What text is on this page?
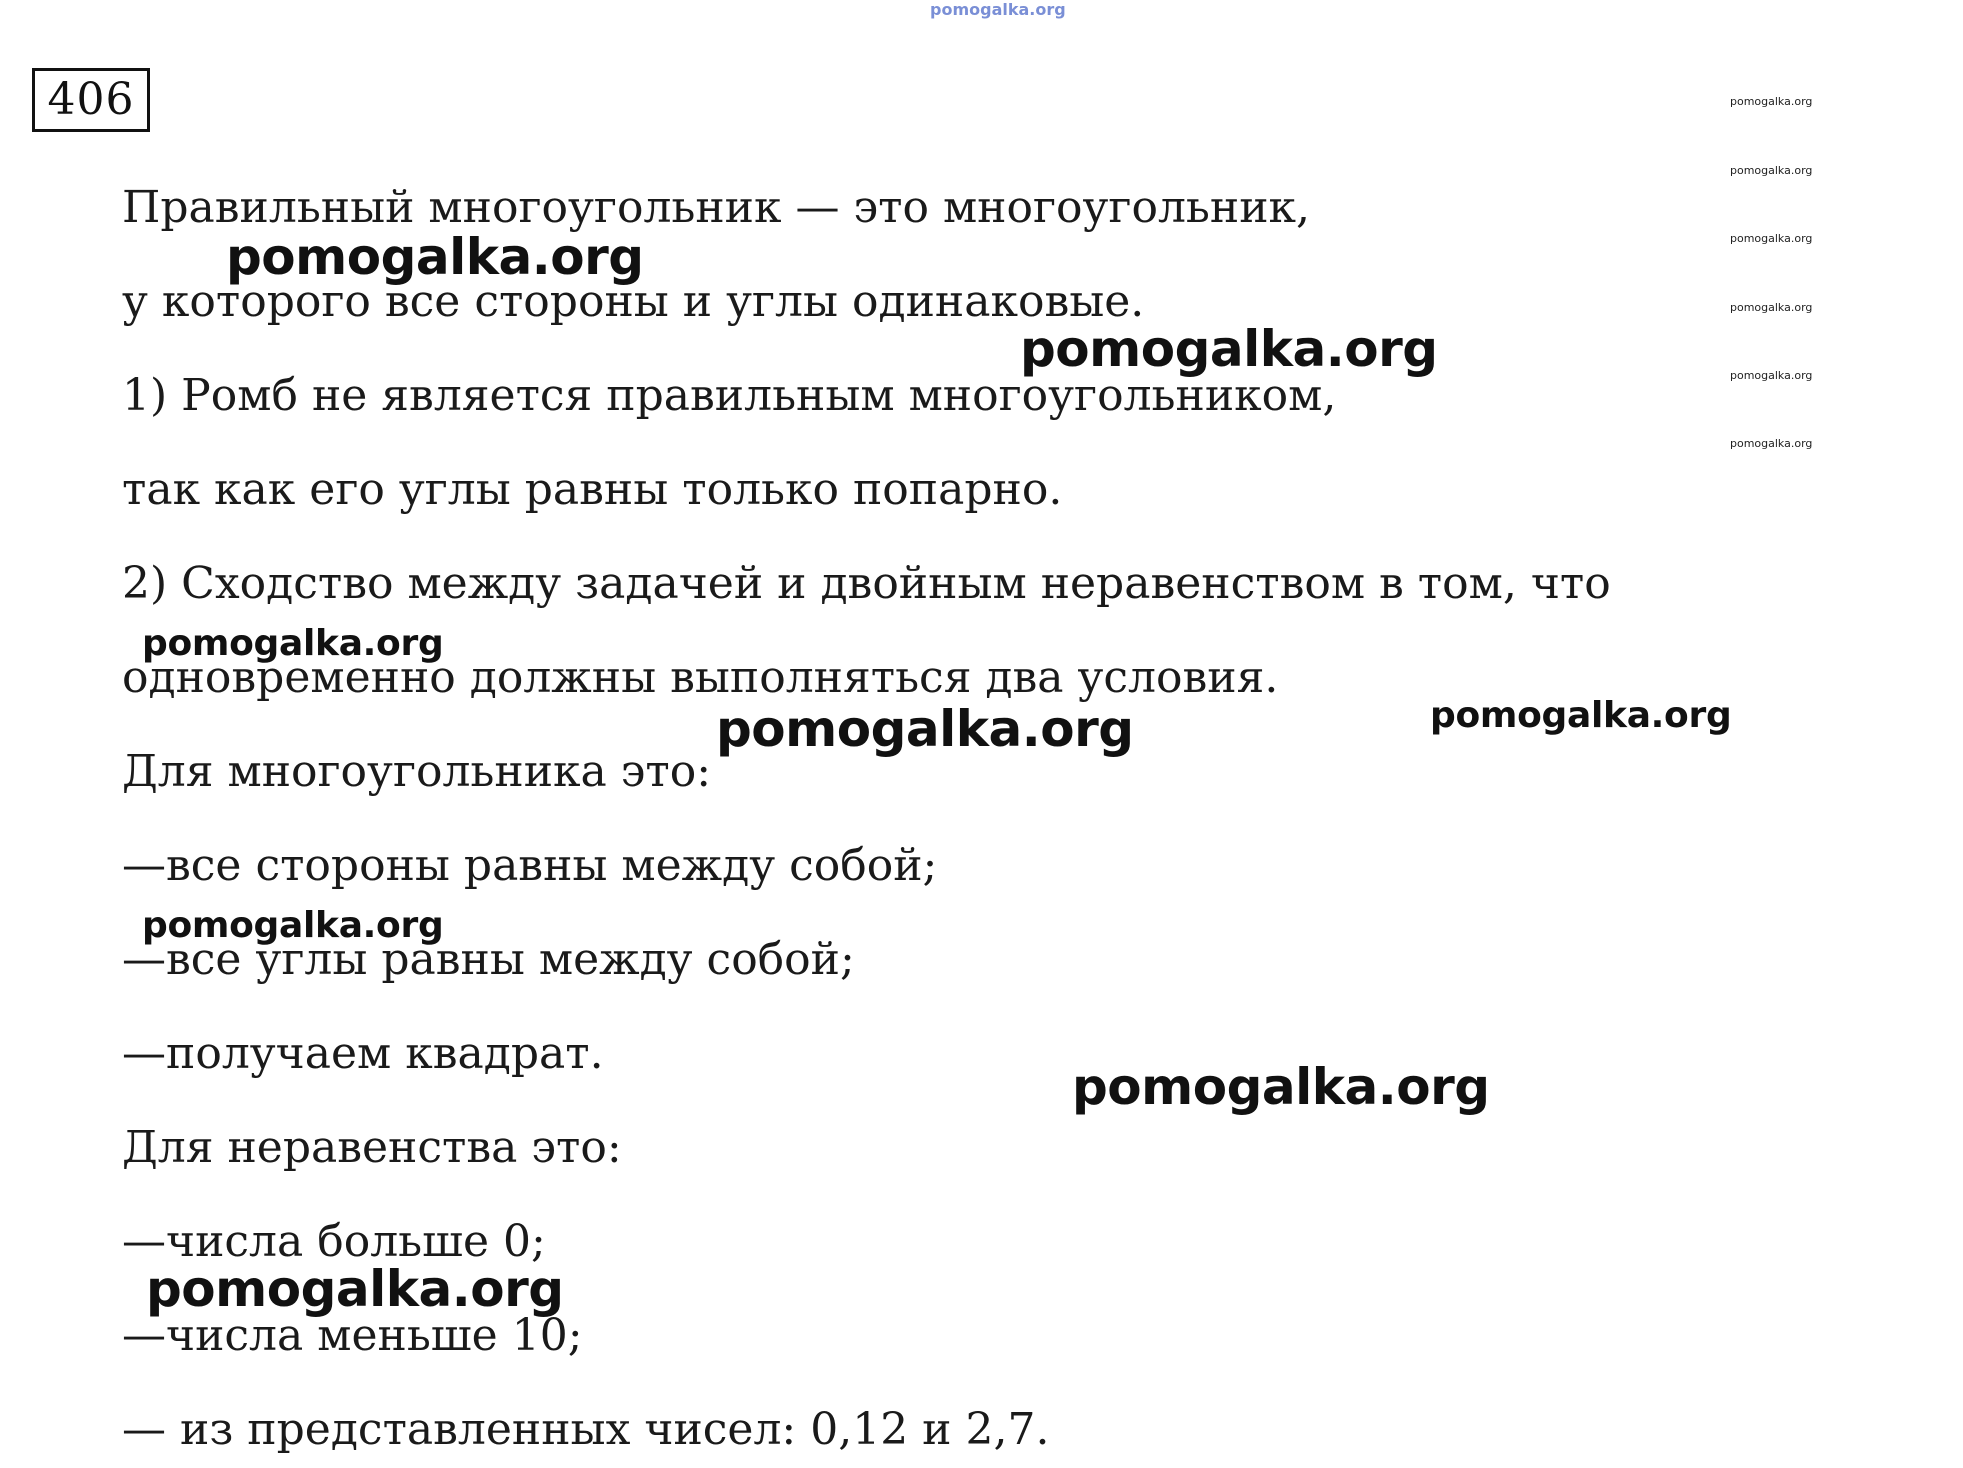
pomogalka.org
406	pomogalka.org
pomogalka.org
pomogalka.org
pomogalka.org
pomogalka.org
pomogalka.org
Правильный многоугольник — это многоугольник,
у которого все стороны и углы одинаковые.
1) Ромб не является правильным многоугольником,
так как его углы равны только попарно.
2) Сходство между задачей и двойным неравенством в том, что
одновременно должны выполняться два условия.
Для многоугольника это:
—все стороны равны между собой;
—все углы равны между собой;
—получаем квадрат.
Для неравенства это:
—числа больше 0;
—числа меньше 10;
— из представленных чисел: 0,12 и 2,7.
pomogalka.org
pomogalka.org
pomogalka.org
pomogalka.org
pomogalka.org
pomogalka.org
pomogalka.org
pomogalka.org
